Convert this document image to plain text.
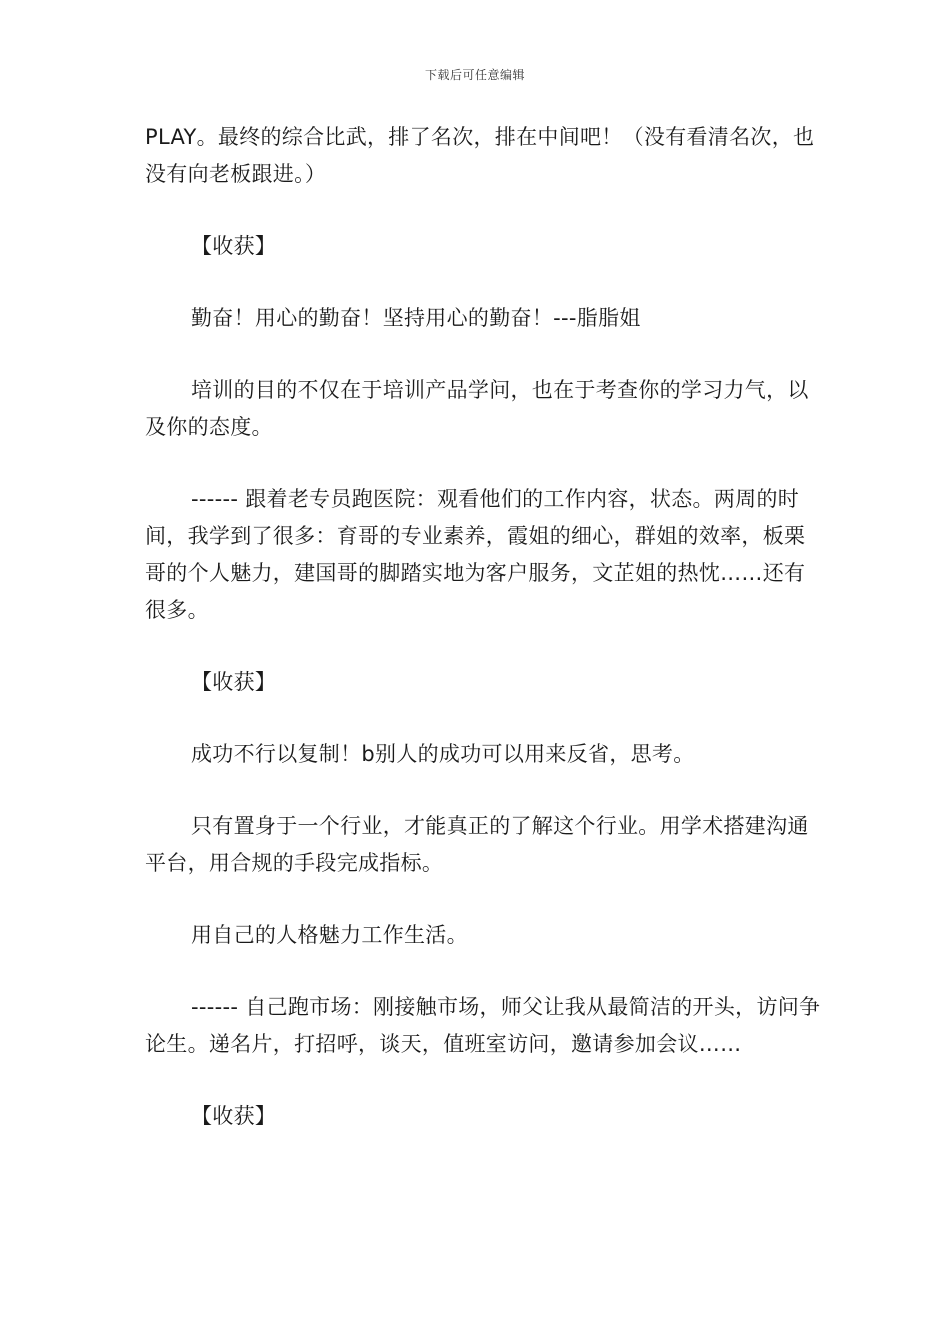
下载后可任意编辑

PLAY。最终的综合比武，排了名次，排在中间吧！（没有看清名次，也没有向老板跟进。）

【收获】

勤奋！用心的勤奋！坚持用心的勤奋！---脂脂姐

培训的目的不仅在于培训产品学问，也在于考查你的学习力气，以及你的态度。

------ 跟着老专员跑医院：观看他们的工作内容，状态。两周的时间，我学到了很多：育哥的专业素养，霞姐的细心，群姐的效率，板栗哥的个人魅力，建国哥的脚踏实地为客户服务，文芷姐的热忱……还有很多。

【收获】

成功不行以复制！b别人的成功可以用来反省，思考。

只有置身于一个行业，才能真正的了解这个行业。用学术搭建沟通平台，用合规的手段完成指标。

用自己的人格魅力工作生活。

------ 自己跑市场：刚接触市场，师父让我从最简洁的开头，访问争论生。递名片，打招呼，谈天，值班室访问，邀请参加会议……

【收获】
